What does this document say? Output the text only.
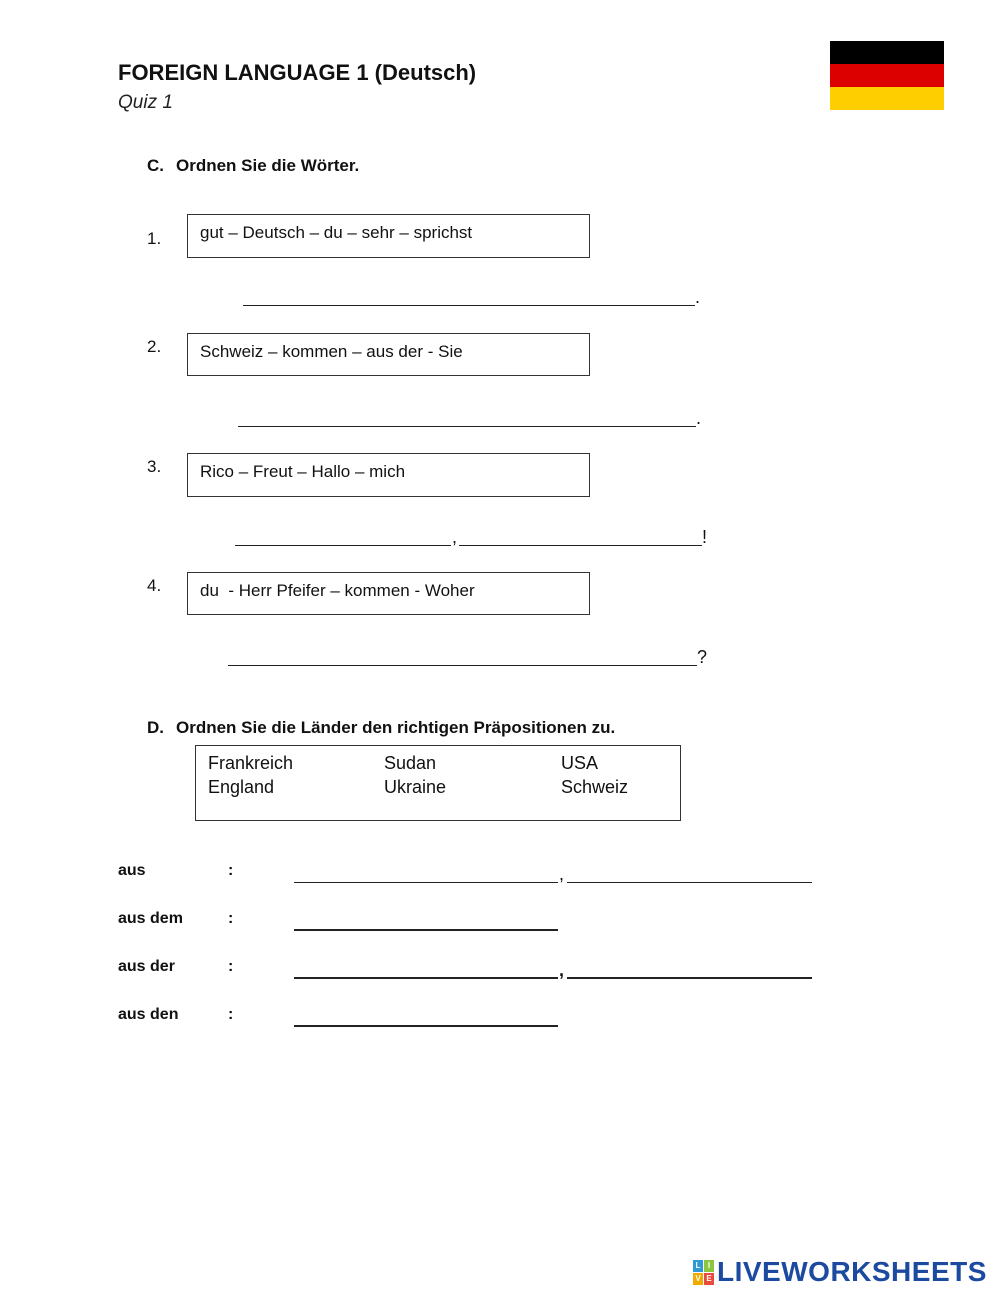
FOREIGN LANGUAGE 1 (Deutsch)
Quiz 1
C. Ordnen Sie die Wörter.
1.	gut – Deutsch – du – sehr – sprichst
.
2.	Schweiz – kommen – aus der - Sie
.
3.	Rico – Freut – Hallo – mich
,	!
4.	du  - Herr Pfeifer – kommen - Woher
?
D. Ordnen Sie die Länder den richtigen Präpositionen zu.
Frankreich	Sudan	USA
England	Ukraine	Schweiz
aus	:	,
aus dem	:
aus der	:	,
aus den	:
L I
V E LIVEWORKSHEETS
